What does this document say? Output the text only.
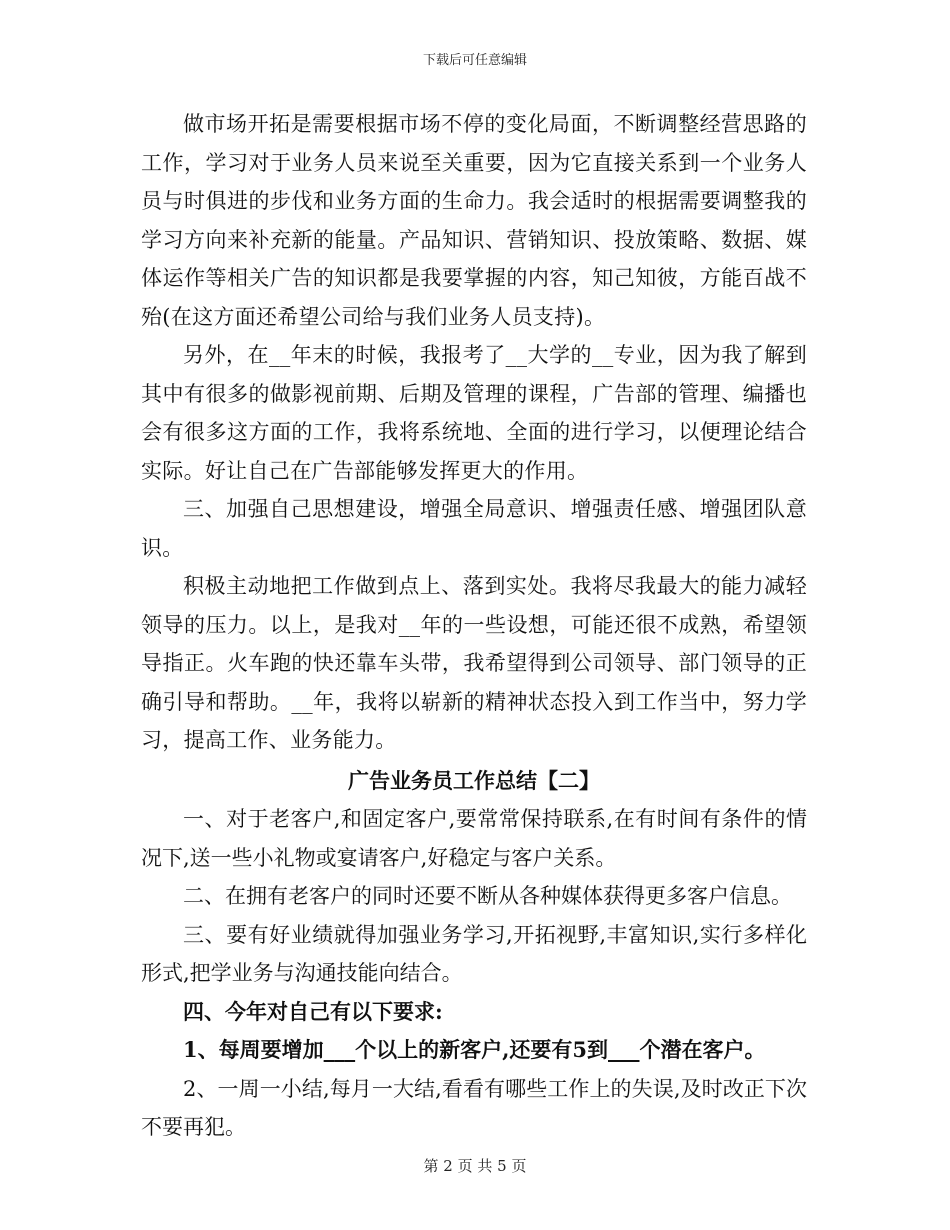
下载后可任意编辑

做市场开拓是需要根据市场不停的变化局面，不断调整经营思路的工作，学习对于业务人员来说至关重要，因为它直接关系到一个业务人员与时俱进的步伐和业务方面的生命力。我会适时的根据需要调整我的学习方向来补充新的能量。产品知识、营销知识、投放策略、数据、媒体运作等相关广告的知识都是我要掌握的内容，知己知彼，方能百战不殆(在这方面还希望公司给与我们业务人员支持)。

另外，在__年末的时候，我报考了__大学的__专业，因为我了解到其中有很多的做影视前期、后期及管理的课程，广告部的管理、编播也会有很多这方面的工作，我将系统地、全面的进行学习，以便理论结合实际。好让自己在广告部能够发挥更大的作用。

三、加强自己思想建设，增强全局意识、增强责任感、增强团队意识。

积极主动地把工作做到点上、落到实处。我将尽我最大的能力减轻领导的压力。以上，是我对__年的一些设想，可能还很不成熟，希望领导指正。火车跑的快还靠车头带，我希望得到公司领导、部门领导的正确引导和帮助。__年，我将以崭新的精神状态投入到工作当中，努力学习，提高工作、业务能力。

广告业务员工作总结【二】

一、对于老客户,和固定客户,要常常保持联系,在有时间有条件的情况下,送一些小礼物或宴请客户,好稳定与客户关系。

二、在拥有老客户的同时还要不断从各种媒体获得更多客户信息。

三、要有好业绩就得加强业务学习,开拓视野,丰富知识,实行多样化形式,把学业务与沟通技能向结合。

四、今年对自己有以下要求:

1、每周要增加___个以上的新客户,还要有5到___个潜在客户。

2、一周一小结,每月一大结,看看有哪些工作上的失误,及时改正下次不要再犯。

第 2 页 共 5 页
